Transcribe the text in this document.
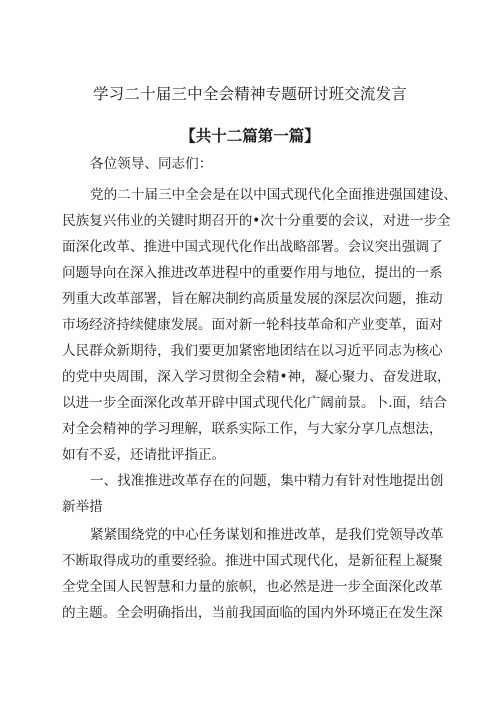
学习二十届三中全会精神专题研讨班交流发言
【共十二篇第一篇】
各位领导、同志们：
党的二十届三中全会是在以中国式现代化全面推进强国建设、
民族复兴伟业的关键时期召开的•次十分重要的会议，对进一步全
面深化改革、推进中国式现代化作出战略部署。会议突出强调了
问题导向在深入推进改革进程中的重要作用与地位，提出的一系
列重大改革部署，旨在解决制约高质量发展的深层次问题，推动
市场经济持续健康发展。面对新一轮科技革命和产业变革，面对
人民群众新期待，我们要更加紧密地团结在以习近平同志为核心
的党中央周围，深入学习贯彻全会精•神，凝心聚力、奋发进取，
以进一步全面深化改革开辟中国式现代化广阔前景。卜.面，结合
对全会精神的学习理解，联系实际工作，与大家分享几点想法，
如有不妥，还请批评指正。
一、找准推进改革存在的问题，集中精力有针对性地提出创
新举措
紧紧围绕党的中心任务谋划和推进改革，是我们党领导改革
不断取得成功的重要经验。推进中国式现代化，是新征程上凝聚
全党全国人民智慧和力量的旅帜，也必然是进一步全面深化改革
的主题。全会明确指出，当前我国面临的国内外环境正在发生深
